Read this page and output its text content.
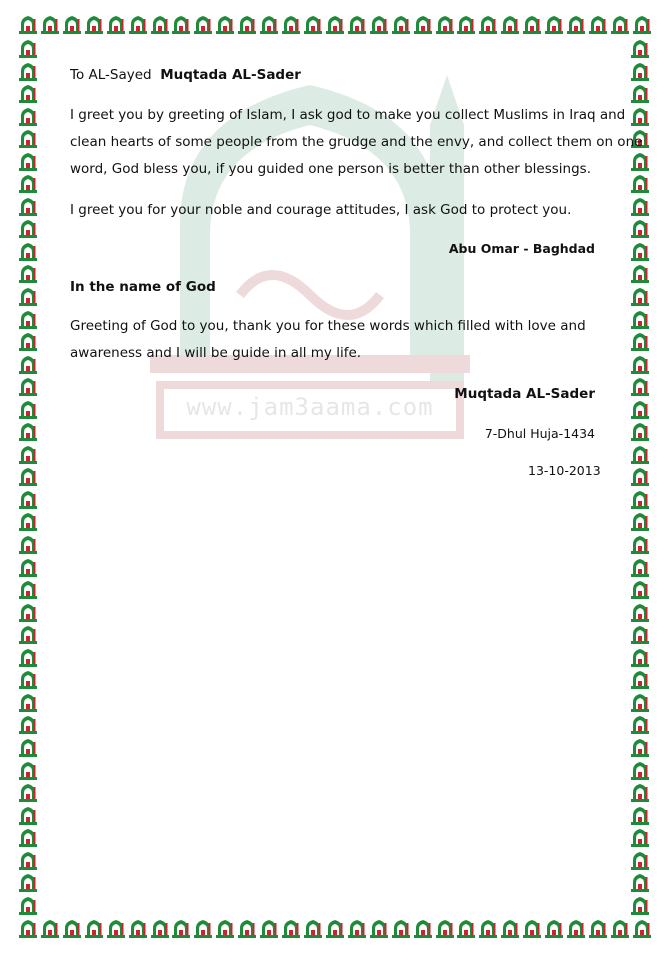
www.jam3aama.com
To AL-Sayed Muqtada AL-Sader
I greet you by greeting of Islam, I ask god to make you collect Muslims in Iraq and
clean hearts of some people from the grudge and the envy, and collect them on one
word, God bless you, if you guided one person is better than other blessings.
I greet you for your noble and courage attitudes, I ask God to protect you.
Abu Omar - Baghdad
In the name of God
Greeting of God to you, thank you for these words which filled with love and
awareness and I will be guide in all my life.
Muqtada AL-Sader
7-Dhul Huja-1434
13-10-2013
